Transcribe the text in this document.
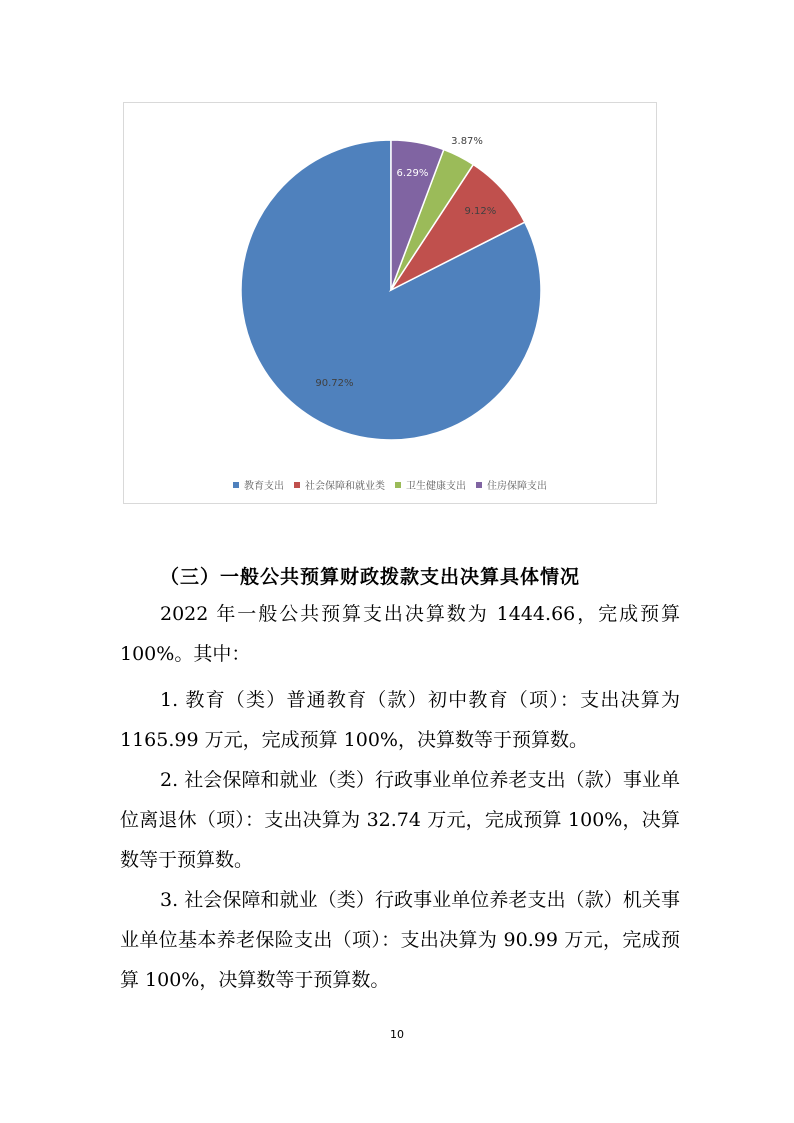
90.72%
9.12%
3.87%
6.29%
教育支出 社会保障和就业类 卫生健康支出 住房保障支出
（三）一般公共预算财政拨款支出决算具体情况

2022 年一般公共预算支出决算数为 1444.66，完成预算 100%。其中：

1. 教育（类）普通教育（款）初中教育（项）：支出决算为 1165.99 万元，完成预算 100%，决算数等于预算数。

2. 社会保障和就业（类）行政事业单位养老支出（款）事业单位离退休（项）：支出决算为 32.74 万元，完成预算 100%，决算数等于预算数。

3. 社会保障和就业（类）行政事业单位养老支出（款）机关事业单位基本养老保险支出（项）：支出决算为 90.99 万元，完成预算 100%，决算数等于预算数。

10
